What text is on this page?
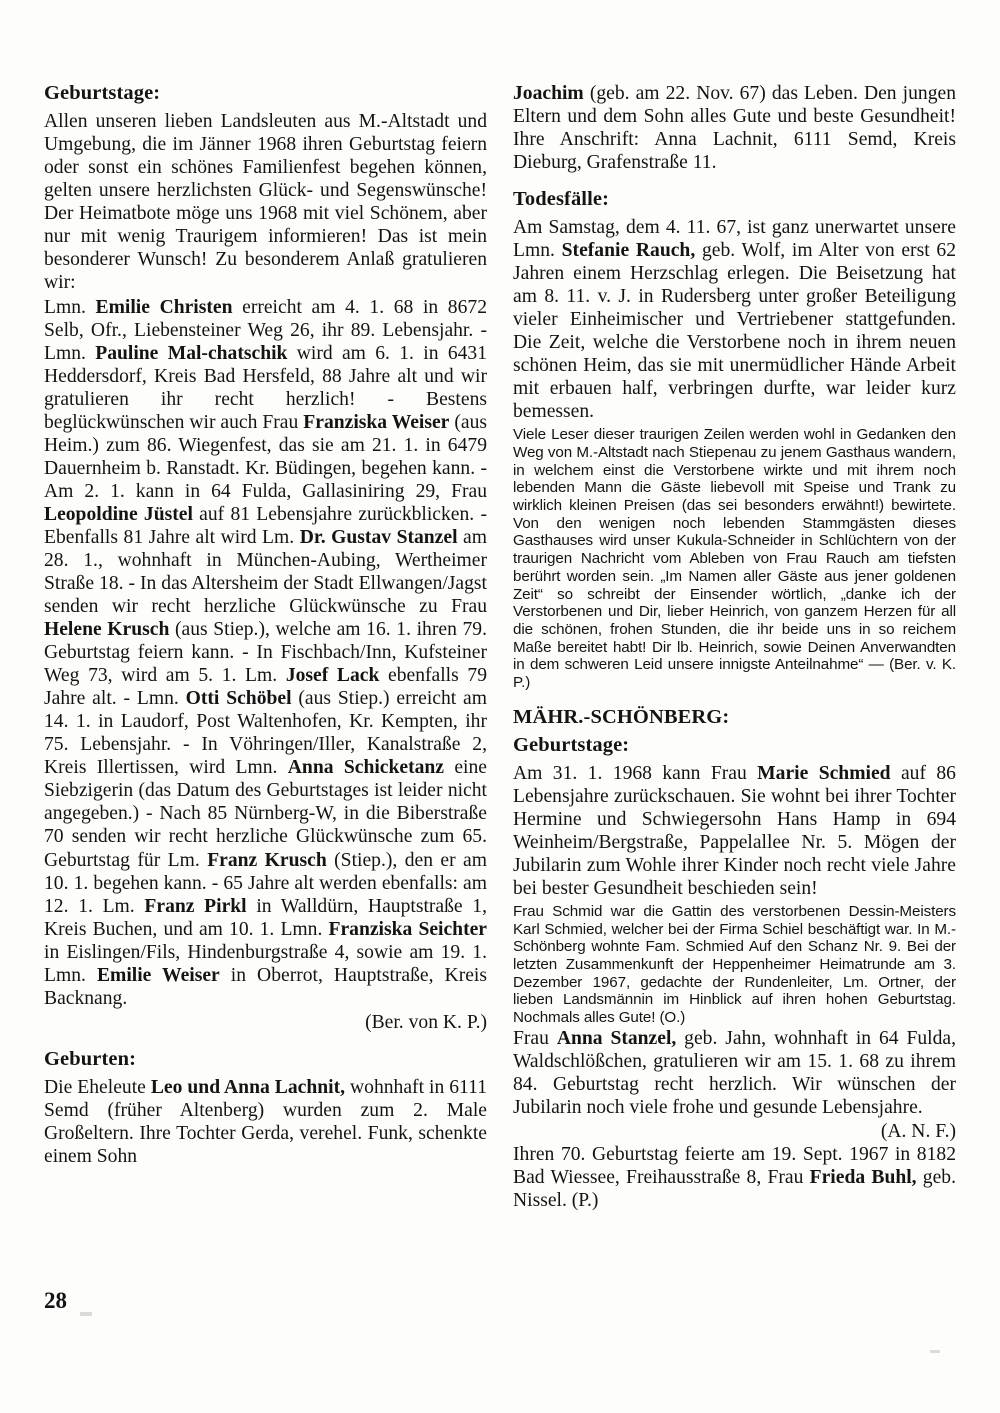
Geburtstage:

Allen unseren lieben Landsleuten aus M.-Altstadt und Umgebung, die im Jänner 1968 ihren Geburtstag feiern oder sonst ein schönes Familienfest begehen können, gelten unsere herzlichsten Glück- und Segenswünsche! Der Heimatbote möge uns 1968 mit viel Schönem, aber nur mit wenig Traurigem informieren! Das ist mein besonderer Wunsch! Zu besonderem Anlaß gratulieren wir:

Lmn. Emilie Christen erreicht am 4. 1. 68 in 8672 Selb, Ofr., Liebensteiner Weg 26, ihr 89. Lebensjahr. - Lmn. Pauline Mal-chatschik wird am 6. 1. in 6431 Heddersdorf, Kreis Bad Hersfeld, 88 Jahre alt und wir gratulieren ihr recht herzlich! - Bestens beglückwünschen wir auch Frau Franziska Weiser (aus Heim.) zum 86. Wiegenfest, das sie am 21. 1. in 6479 Dauernheim b. Ranstadt. Kr. Büdingen, begehen kann. - Am 2. 1. kann in 64 Fulda, Gallasiniring 29, Frau Leopoldine Jüstel auf 81 Lebensjahre zurückblicken. - Ebenfalls 81 Jahre alt wird Lm. Dr. Gustav Stanzel am 28. 1., wohnhaft in München-Aubing, Wertheimer Straße 18. - In das Altersheim der Stadt Ellwangen/Jagst senden wir recht herzliche Glückwünsche zu Frau Helene Krusch (aus Stiep.), welche am 16. 1. ihren 79. Geburtstag feiern kann. - In Fischbach/Inn, Kufsteiner Weg 73, wird am 5. 1. Lm. Josef Lack ebenfalls 79 Jahre alt. - Lmn. Otti Schöbel (aus Stiep.) erreicht am 14. 1. in Laudorf, Post Waltenhofen, Kr. Kempten, ihr 75. Lebensjahr. - In Vöhringen/Iller, Kanalstraße 2, Kreis Illertissen, wird Lmn. Anna Schicketanz eine Siebzigerin (das Datum des Geburtstages ist leider nicht angegeben.) - Nach 85 Nürnberg-W, in die Biberstraße 70 senden wir recht herzliche Glückwünsche zum 65. Geburtstag für Lm. Franz Krusch (Stiep.), den er am 10. 1. begehen kann. - 65 Jahre alt werden ebenfalls: am 12. 1. Lm. Franz Pirkl in Walldürn, Hauptstraße 1, Kreis Buchen, und am 10. 1. Lmn. Franziska Seichter in Eislingen/Fils, Hindenburgstraße 4, sowie am 19. 1. Lmn. Emilie Weiser in Oberrot, Hauptstraße, Kreis Backnang.

(Ber. von K. P.)

Geburten:

Die Eheleute Leo und Anna Lachnit, wohnhaft in 6111 Semd (früher Altenberg) wurden zum 2. Male Großeltern. Ihre Tochter Gerda, verehel. Funk, schenkte einem Sohn

Joachim (geb. am 22. Nov. 67) das Leben. Den jungen Eltern und dem Sohn alles Gute und beste Gesundheit! Ihre Anschrift: Anna Lachnit, 6111 Semd, Kreis Dieburg, Grafenstraße 11.

Todesfälle:

Am Samstag, dem 4. 11. 67, ist ganz unerwartet unsere Lmn. Stefanie Rauch, geb. Wolf, im Alter von erst 62 Jahren einem Herzschlag erlegen. Die Beisetzung hat am 8. 11. v. J. in Rudersberg unter großer Beteiligung vieler Einheimischer und Vertriebener stattgefunden. Die Zeit, welche die Verstorbene noch in ihrem neuen schönen Heim, das sie mit unermüdlicher Hände Arbeit mit erbauen half, verbringen durfte, war leider kurz bemessen.

Viele Leser dieser traurigen Zeilen werden wohl in Gedanken den Weg von M.-Altstadt nach Stiepenau zu jenem Gasthaus wandern, in welchem einst die Verstorbene wirkte und mit ihrem noch lebenden Mann die Gäste liebevoll mit Speise und Trank zu wirklich kleinen Preisen (das sei besonders erwähnt!) bewirtete. Von den wenigen noch lebenden Stammgästen dieses Gasthauses wird unser Kukula-Schneider in Schlüchtern von der traurigen Nachricht vom Ableben von Frau Rauch am tiefsten berührt worden sein. „Im Namen aller Gäste aus jener goldenen Zeit“ so schreibt der Einsender wörtlich, „danke ich der Verstorbenen und Dir, lieber Heinrich, von ganzem Herzen für all die schönen, frohen Stunden, die ihr beide uns in so reichem Maße bereitet habt! Dir lb. Heinrich, sowie Deinen Anverwandten in dem schweren Leid unsere innigste Anteilnahme“ — (Ber. v. K. P.)

MÄHR.-SCHÖNBERG:
Geburtstage:

Am 31. 1. 1968 kann Frau Marie Schmied auf 86 Lebensjahre zurückschauen. Sie wohnt bei ihrer Tochter Hermine und Schwiegersohn Hans Hamp in 694 Weinheim/Bergstraße, Pappelallee Nr. 5. Mögen der Jubilarin zum Wohle ihrer Kinder noch recht viele Jahre bei bester Gesundheit beschieden sein!

Frau Schmid war die Gattin des verstorbenen Dessin-Meisters Karl Schmied, welcher bei der Firma Schiel beschäftigt war. In M.-Schönberg wohnte Fam. Schmied Auf den Schanz Nr. 9. Bei der letzten Zusammenkunft der Heppenheimer Heimatrunde am 3. Dezember 1967, gedachte der Rundenleiter, Lm. Ortner, der lieben Landsmännin im Hinblick auf ihren hohen Geburtstag. Nochmals alles Gute! (O.)

Frau Anna Stanzel, geb. Jahn, wohnhaft in 64 Fulda, Waldschlößchen, gratulieren wir am 15. 1. 68 zu ihrem 84. Geburtstag recht herzlich. Wir wünschen der Jubilarin noch viele frohe und gesunde Lebensjahre.

(A. N. F.)

Ihren 70. Geburtstag feierte am 19. Sept. 1967 in 8182 Bad Wiessee, Freihausstraße 8, Frau Frieda Buhl, geb. Nissel. (P.)

28
